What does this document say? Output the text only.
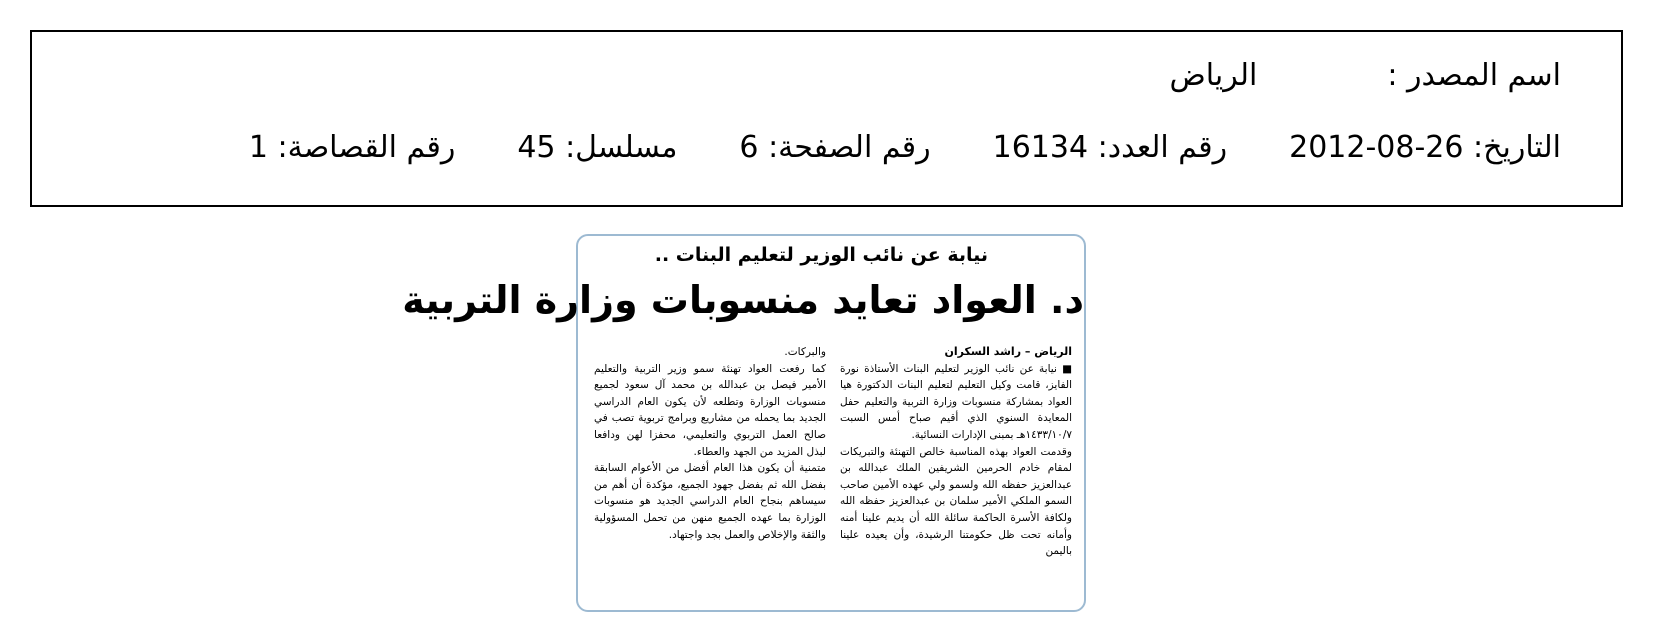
اسم المصدر :الرياض
التاريخ: 2012-08-26رقم العدد: 16134رقم الصفحة: 6مسلسل: 45رقم القصاصة: 1
نيابة عن نائب الوزير لتعليم البنات ..
د. العواد تعايد منسوبات وزارة التربية
الرياض – راشد السكران
■ نيابة عن نائب الوزير لتعليم البنات الأستاذة نورة الفايز، قامت وكيل التعليم لتعليم البنات الدكتورة هيا العواد بمشاركة منسوبات وزارة التربية والتعليم حفل المعايدة السنوي الذي أقيم صباح أمس السبت ١٤٣٣/١٠/٧هـ بمبنى الإدارات النسائية.
وقدمت العواد بهذه المناسبة خالص التهنئة والتبريكات لمقام خادم الحرمين الشريفين الملك عبدالله بن عبدالعزيز حفظه الله ولسمو ولي عهده الأمين صاحب السمو الملكي الأمير سلمان بن عبدالعزيز حفظه الله ولكافة الأسرة الحاكمة سائلة الله أن يديم علينا أمنه وأمانه تحت ظل حكومتنا الرشيدة، وأن يعيده علينا باليمن
والبركات.
كما رفعت العواد تهنئة سمو وزير التربية والتعليم الأمير فيصل بن عبدالله بن محمد آل سعود لجميع منسوبات الوزارة وتطلعه لأن يكون العام الدراسي الجديد بما يحمله من مشاريع وبرامج تربوية تصب في صالح العمل التربوي والتعليمي، محفزا لهن ودافعا لبذل المزيد من الجهد والعطاء.
متمنية أن يكون هذا العام أفضل من الأعوام السابقة بفضل الله ثم بفضل جهود الجميع، مؤكدة أن أهم من سيساهم بنجاح العام الدراسي الجديد هو منسوبات الوزارة بما عهده الجميع منهن من تحمل المسؤولية والثقة والإخلاص والعمل بجد واجتهاد.
